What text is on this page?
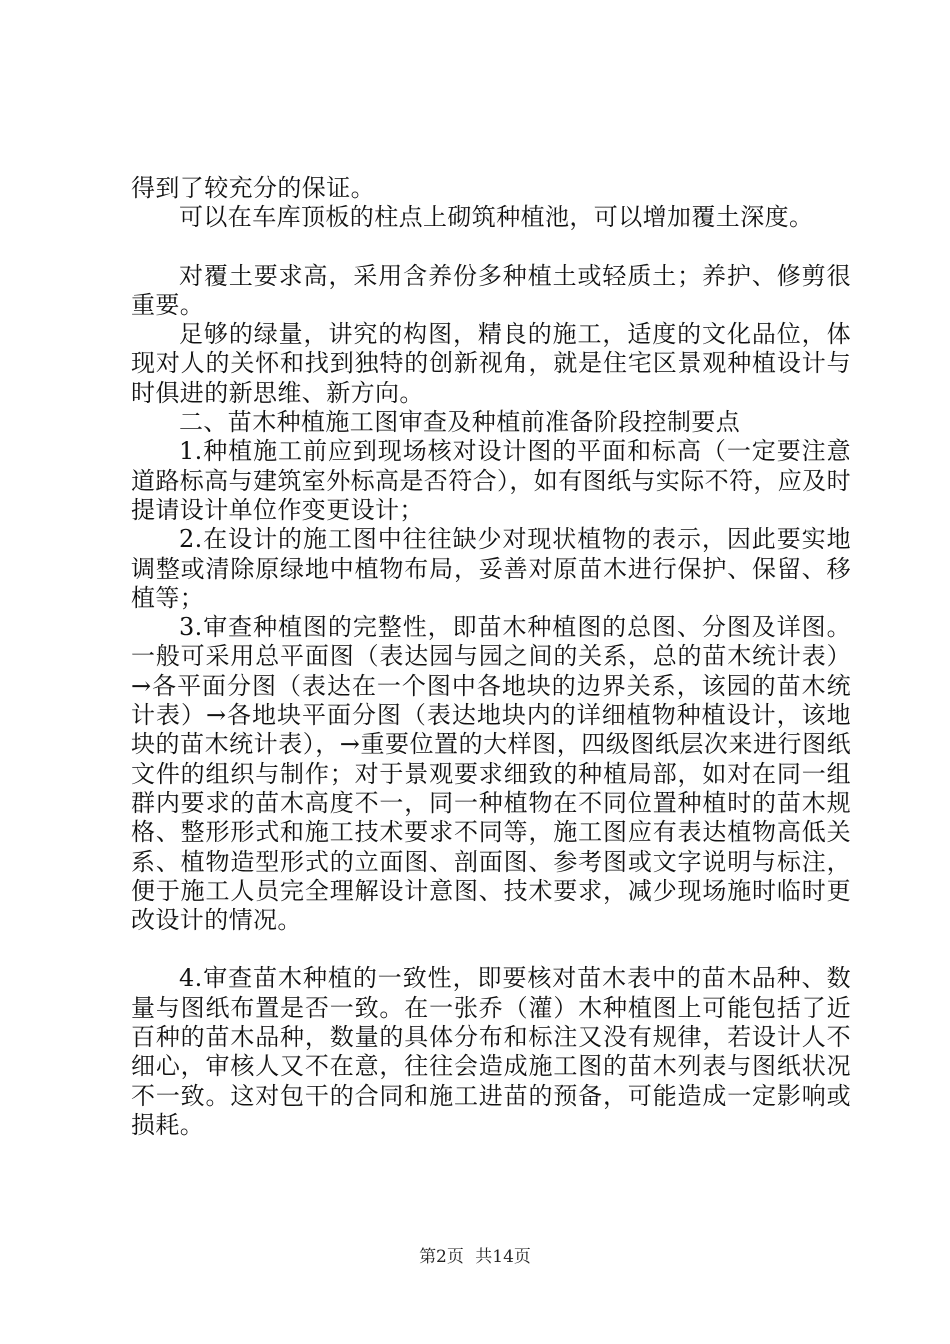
得到了较充分的保证。

可以在车库顶板的柱点上砌筑种植池，可以增加覆土深度。

对覆土要求高，采用含养份多种植土或轻质土；养护、修剪很重要。

足够的绿量，讲究的构图，精良的施工，适度的文化品位，体现对人的关怀和找到独特的创新视角，就是住宅区景观种植设计与时俱进的新思维、新方向。

二、苗木种植施工图审查及种植前准备阶段控制要点

1.种植施工前应到现场核对设计图的平面和标高（一定要注意道路标高与建筑室外标高是否符合），如有图纸与实际不符，应及时提请设计单位作变更设计；

2.在设计的施工图中往往缺少对现状植物的表示，因此要实地调整或清除原绿地中植物布局，妥善对原苗木进行保护、保留、移植等；

3.审查种植图的完整性，即苗木种植图的总图、分图及详图。一般可采用总平面图（表达园与园之间的关系，总的苗木统计表）→各平面分图（表达在一个图中各地块的边界关系，该园的苗木统计表）→各地块平面分图（表达地块内的详细植物种植设计，该地块的苗木统计表），→重要位置的大样图，四级图纸层次来进行图纸文件的组织与制作；对于景观要求细致的种植局部，如对在同一组群内要求的苗木高度不一，同一种植物在不同位置种植时的苗木规格、整形形式和施工技术要求不同等，施工图应有表达植物高低关系、植物造型形式的立面图、剖面图、参考图或文字说明与标注，便于施工人员完全理解设计意图、技术要求，减少现场施时临时更改设计的情况。

4.审查苗木种植的一致性，即要核对苗木表中的苗木品种、数量与图纸布置是否一致。在一张乔（灌）木种植图上可能包括了近百种的苗木品种，数量的具体分布和标注又没有规律，若设计人不细心，审核人又不在意，往往会造成施工图的苗木列表与图纸状况不一致。这对包干的合同和施工进苗的预备，可能造成一定影响或损耗。

第2页 共14页
